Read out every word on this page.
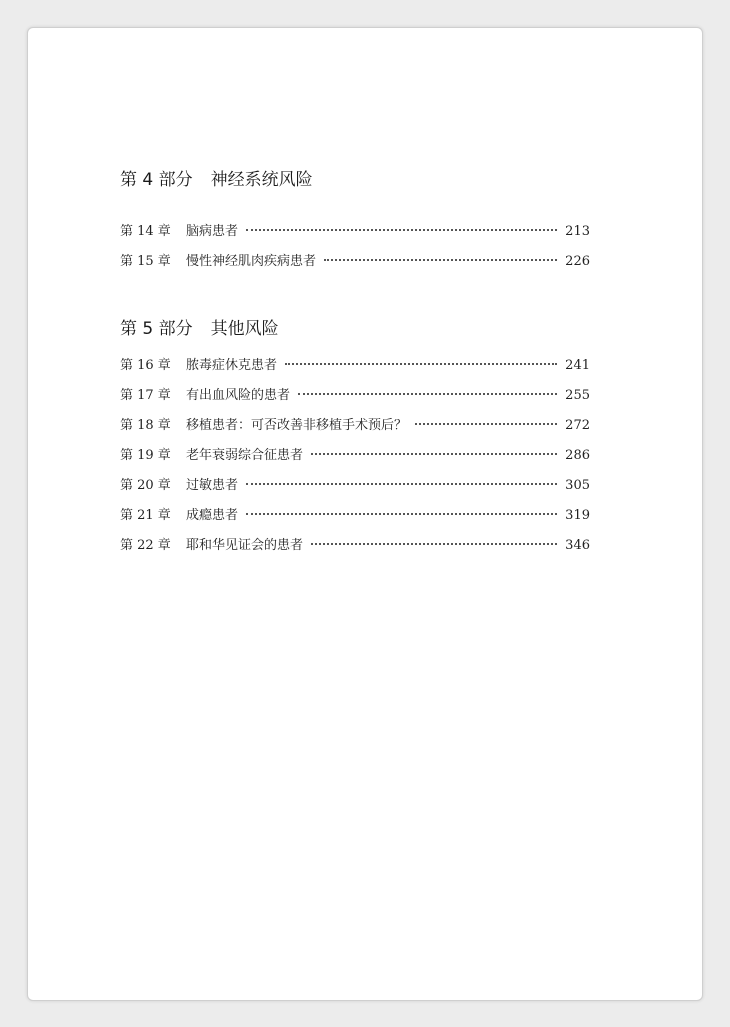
第 4 部分 神经系统风险
第 14 章	脑病患者	213
第 15 章	慢性神经肌肉疾病患者	226
第 5 部分 其他风险
第 16 章	脓毒症休克患者	241
第 17 章	有出血风险的患者	255
第 18 章	移植患者：可否改善非移植手术预后？	272
第 19 章	老年衰弱综合征患者	286
第 20 章	过敏患者	305
第 21 章	成瘾患者	319
第 22 章	耶和华见证会的患者	346
